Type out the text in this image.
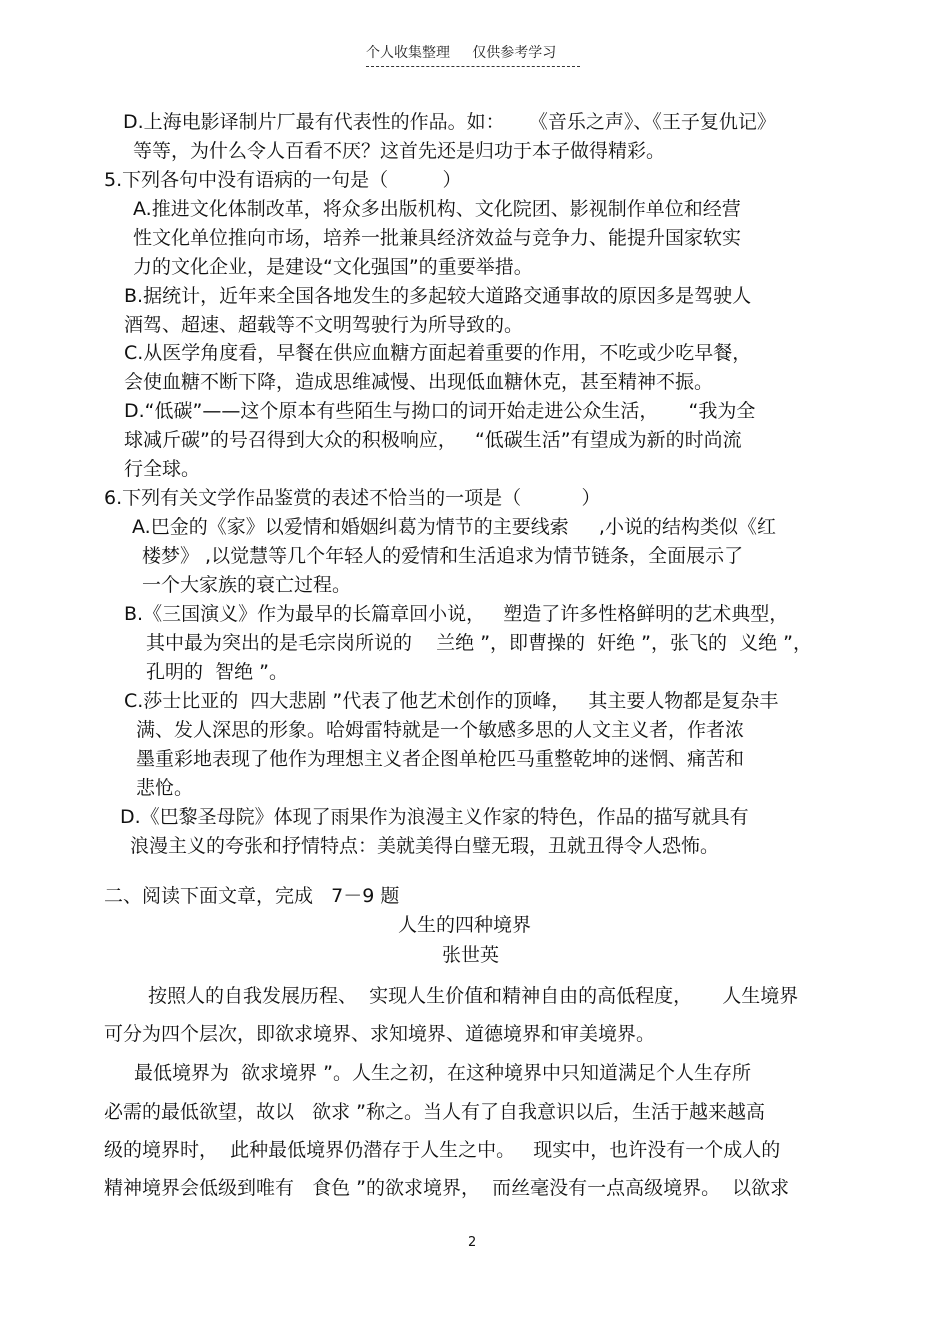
个人收集整理     仅供参考学习
D.上海电影译制片厂最有代表性的作品。如：    《音乐之声》、《王子复仇记》
等等，为什么令人百看不厌？这首先还是归功于本子做得精彩。
5.下列各句中没有语病的一句是（         ）
A.推进文化体制改革，将众多出版机构、文化院团、影视制作单位和经营
性文化单位推向市场，培养一批兼具经济效益与竞争力、能提升国家软实
力的文化企业，是建设“文化强国”的重要举措。
B.据统计，近年来全国各地发生的多起较大道路交通事故的原因多是驾驶人
酒驾、超速、超载等不文明驾驶行为所导致的。
C.从医学角度看，早餐在供应血糖方面起着重要的作用，不吃或少吃早餐，
会使血糖不断下降，造成思维减慢、出现低血糖休克，甚至精神不振。
D.“低碳”——这个原本有些陌生与拗口的词开始走进公众生活，     “我为全
球减斤碳”的号召得到大众的积极响应，   “低碳生活”有望成为新的时尚流
行全球。
6.下列有关文学作品鉴赏的表述不恰当的一项是（          ）
A.巴金的《家》以爱情和婚姻纠葛为情节的主要线索     ,小说的结构类似《红
楼梦》 ,以觉慧等几个年轻人的爱情和生活追求为情节链条，全面展示了
一个大家族的衰亡过程。
B.《三国演义》作为最早的长篇章回小说，   塑造了许多性格鲜明的艺术典型，
其中最为突出的是毛宗岗所说的    兰绝 ”，即曹操的  奸绝 ”，张飞的  义绝 ”，
孔明的  智绝 ”。
C.莎士比亚的  四大悲剧 ”代表了他艺术创作的顶峰，   其主要人物都是复杂丰
满、发人深思的形象。哈姆雷特就是一个敏感多思的人文主义者，作者浓
墨重彩地表现了他作为理想主义者企图单枪匹马重整乾坤的迷惘、痛苦和
悲怆。
D.《巴黎圣母院》体现了雨果作为浪漫主义作家的特色，作品的描写就具有
浪漫主义的夸张和抒情特点：美就美得白璧无瑕，丑就丑得令人恐怖。
二、阅读下面文章，完成   7－9 题
人生的四种境界
张世英
按照人的自我发展历程、  实现人生价值和精神自由的高低程度，     人生境界
可分为四个层次，即欲求境界、求知境界、道德境界和审美境界。
最低境界为  欲求境界 ”。人生之初，在这种境界中只知道满足个人生存所
必需的最低欲望，故以   欲求 ”称之。当人有了自我意识以后，生活于越来越高
级的境界时，  此种最低境界仍潜存于人生之中。   现实中，也许没有一个成人的
精神境界会低级到唯有   食色 ”的欲求境界，  而丝毫没有一点高级境界。  以欲求
2
